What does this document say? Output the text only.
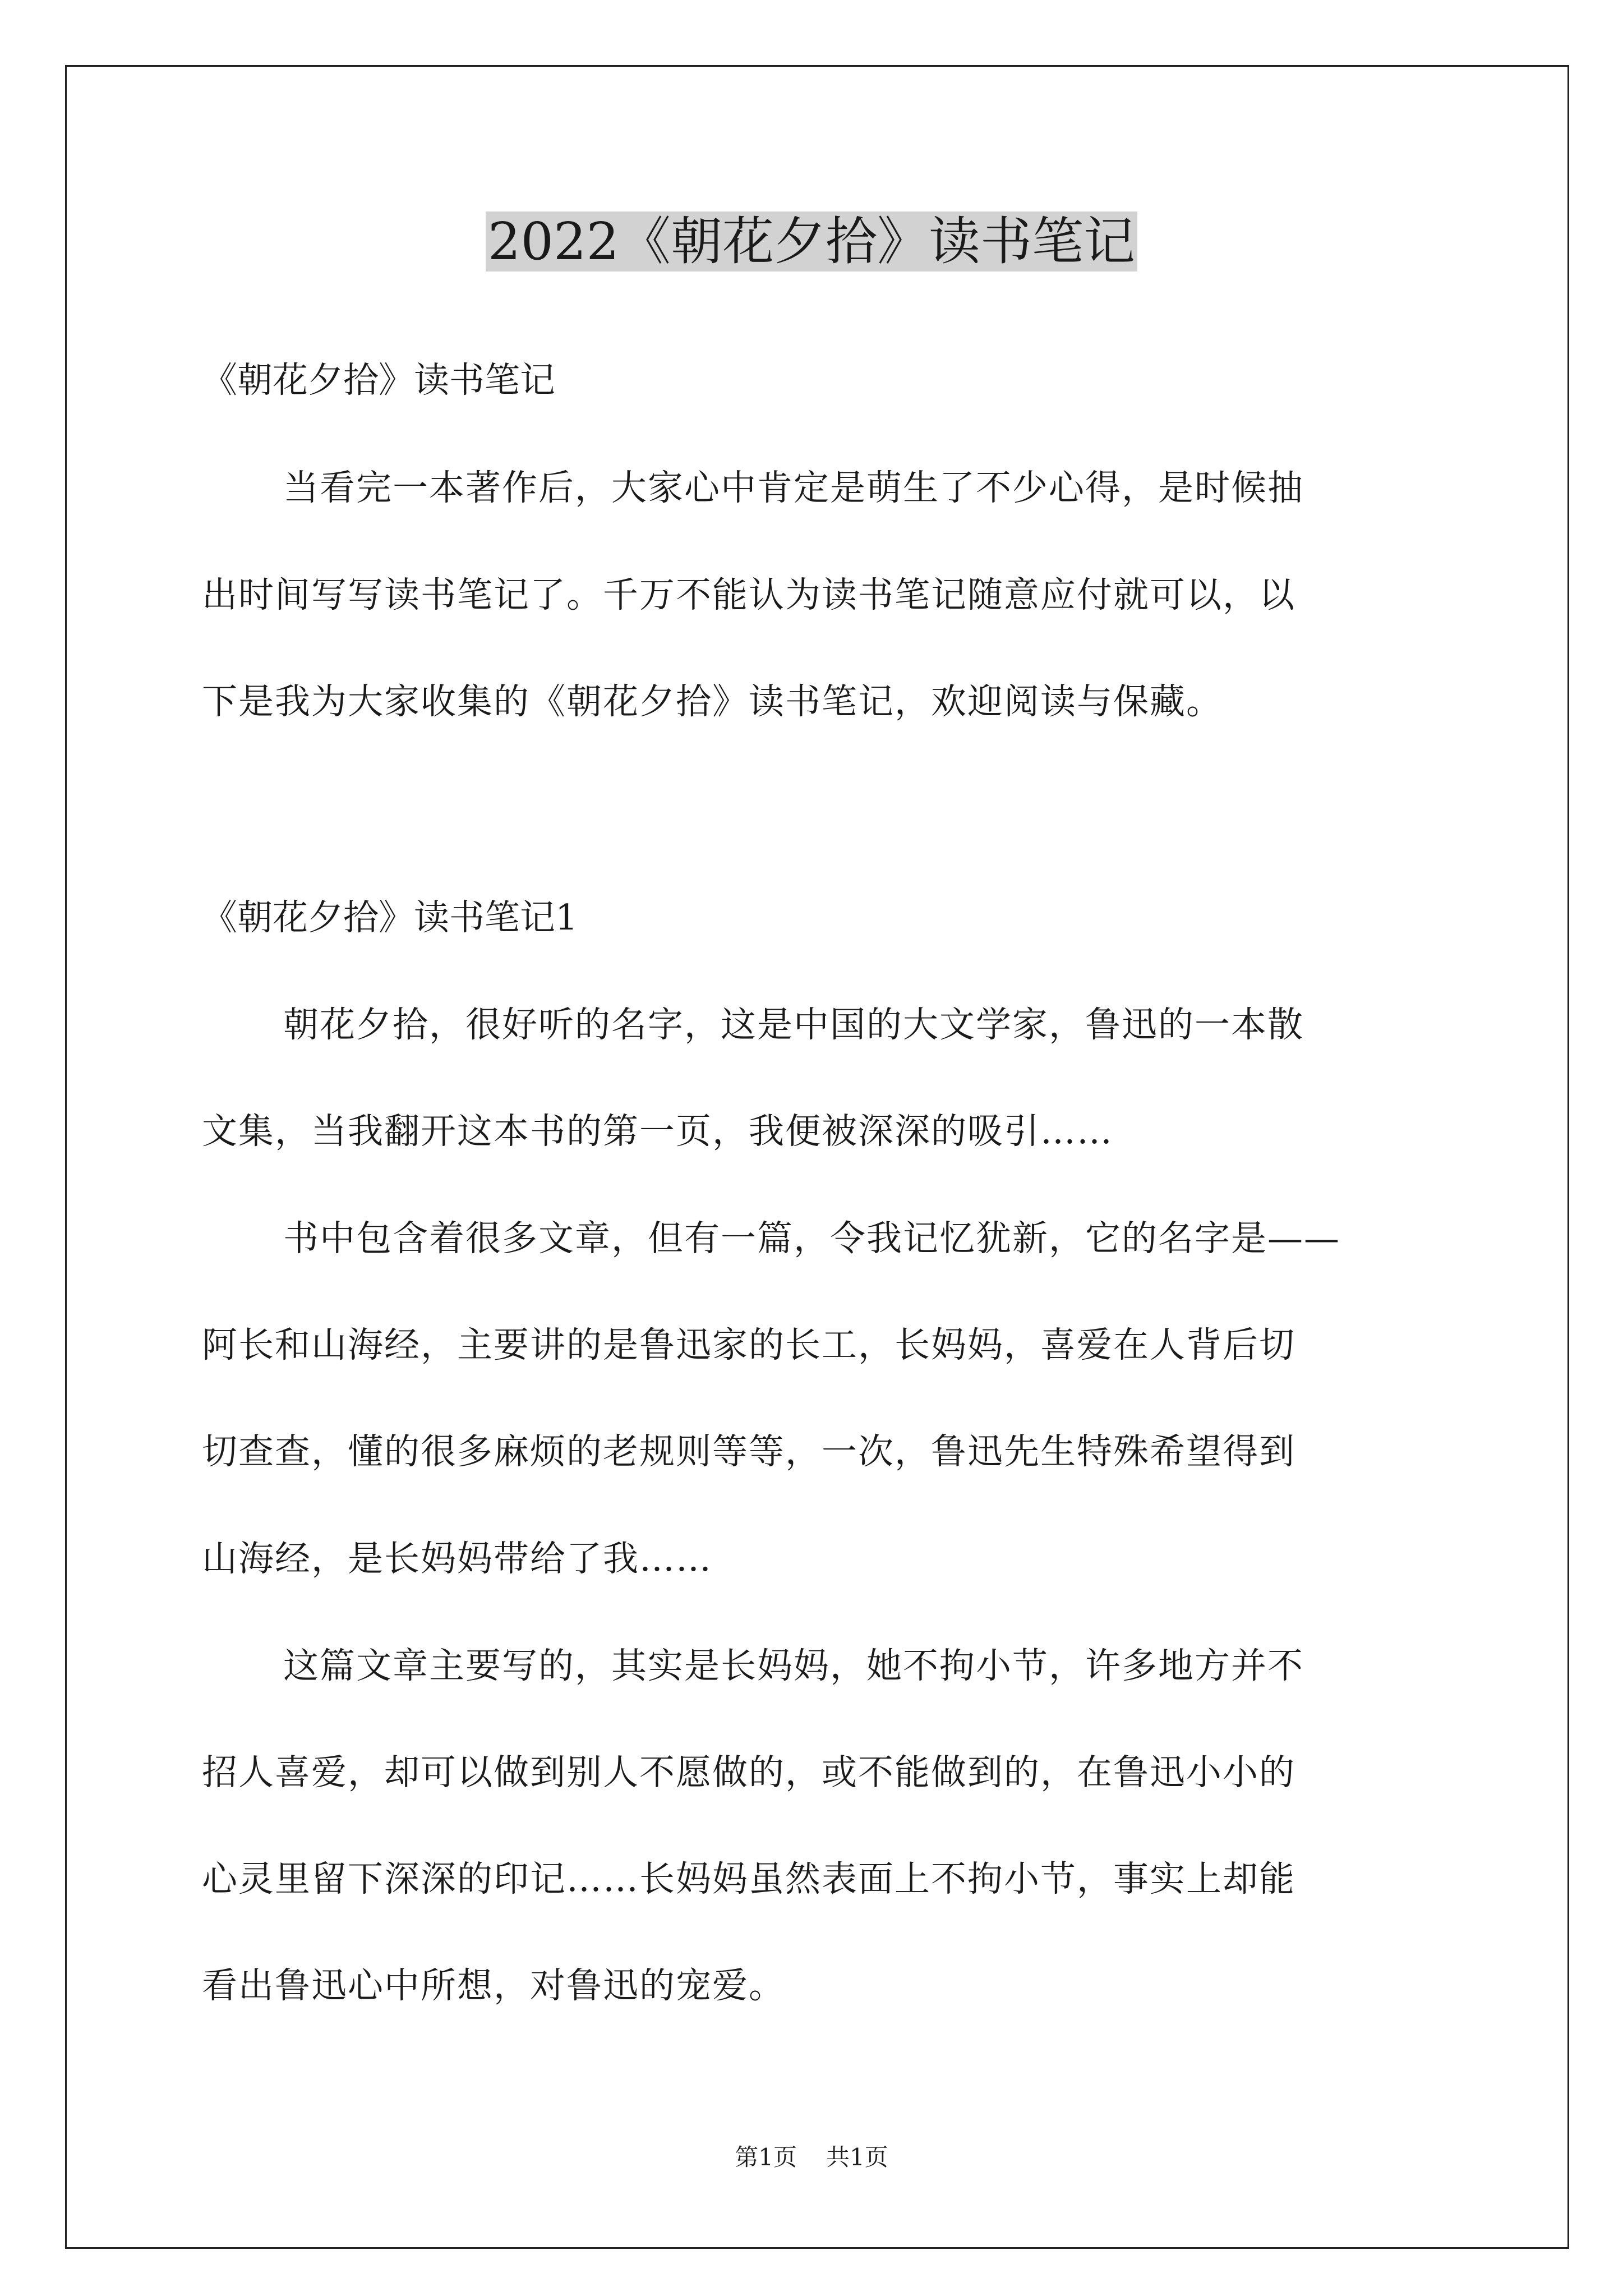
2022《朝花夕拾》读书笔记
《朝花夕拾》读书笔记
当看完一本著作后，大家心中肯定是萌生了不少心得，是时候抽
出时间写写读书笔记了。千万不能认为读书笔记随意应付就可以，以
下是我为大家收集的《朝花夕拾》读书笔记，欢迎阅读与保藏。
《朝花夕拾》读书笔记1
朝花夕拾，很好听的名字，这是中国的大文学家，鲁迅的一本散
文集，当我翻开这本书的第一页，我便被深深的吸引……
书中包含着很多文章，但有一篇，令我记忆犹新，它的名字是——
阿长和山海经，主要讲的是鲁迅家的长工，长妈妈，喜爱在人背后切
切查查，懂的很多麻烦的老规则等等，一次，鲁迅先生特殊希望得到
山海经，是长妈妈带给了我……
这篇文章主要写的，其实是长妈妈，她不拘小节，许多地方并不
招人喜爱，却可以做到别人不愿做的，或不能做到的，在鲁迅小小的
心灵里留下深深的印记……长妈妈虽然表面上不拘小节，事实上却能
看出鲁迅心中所想，对鲁迅的宠爱。
第1页 共1页
